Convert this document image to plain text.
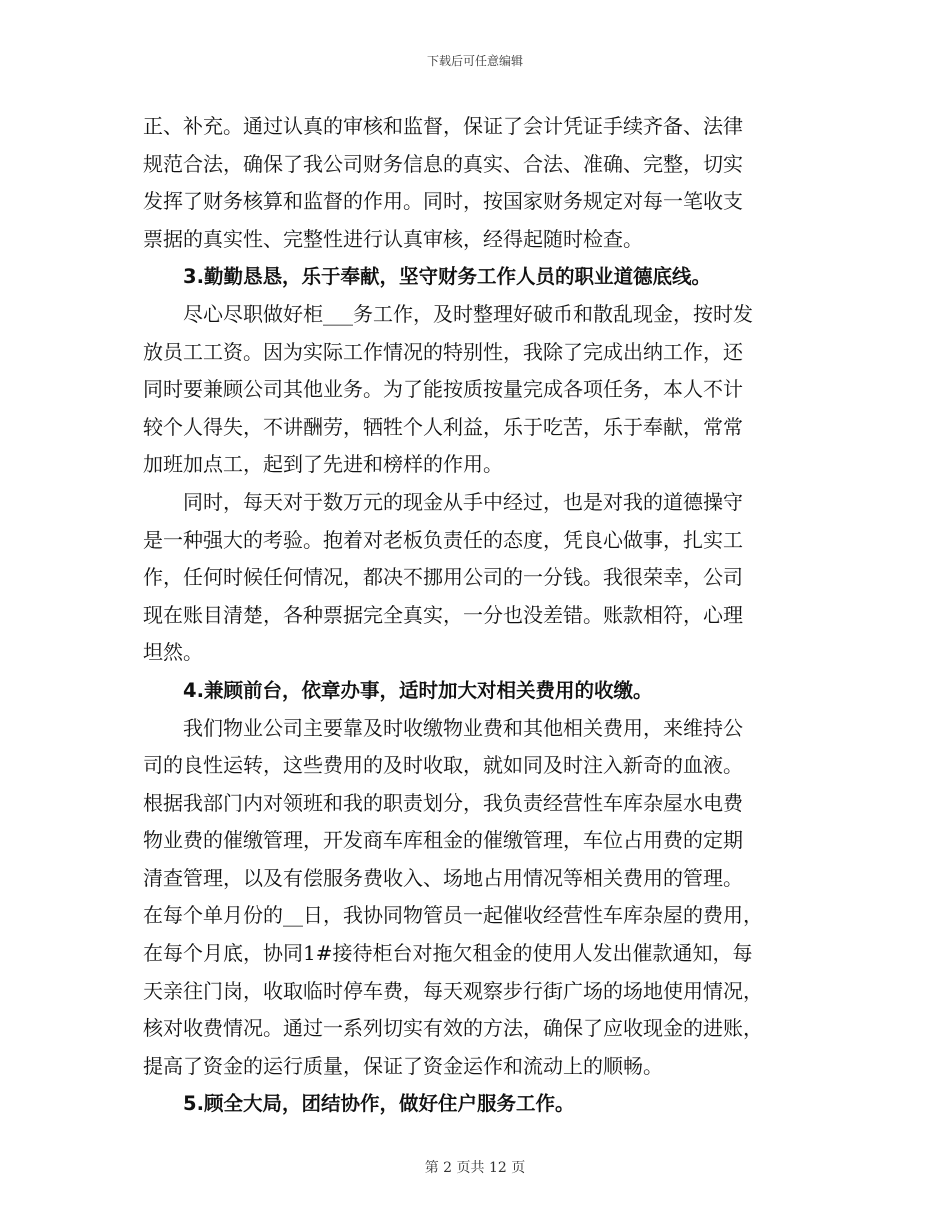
下载后可任意编辑
正、补充。通过认真的审核和监督，保证了会计凭证手续齐备、法律
规范合法，确保了我公司财务信息的真实、合法、准确、完整，切实
发挥了财务核算和监督的作用。同时，按国家财务规定对每一笔收支
票据的真实性、完整性进行认真审核，经得起随时检查。
3.勤勤恳恳，乐于奉献，坚守财务工作人员的职业道德底线。
尽心尽职做好柜___务工作，及时整理好破币和散乱现金，按时发
放员工工资。因为实际工作情况的特别性，我除了完成出纳工作，还
同时要兼顾公司其他业务。为了能按质按量完成各项任务，本人不计
较个人得失，不讲酬劳，牺牲个人利益，乐于吃苦，乐于奉献，常常
加班加点工，起到了先进和榜样的作用。
同时，每天对于数万元的现金从手中经过，也是对我的道德操守
是一种强大的考验。抱着对老板负责任的态度，凭良心做事，扎实工
作，任何时候任何情况，都决不挪用公司的一分钱。我很荣幸，公司
现在账目清楚，各种票据完全真实，一分也没差错。账款相符，心理
坦然。
4.兼顾前台，依章办事，适时加大对相关费用的收缴。
我们物业公司主要靠及时收缴物业费和其他相关费用，来维持公
司的良性运转，这些费用的及时收取，就如同及时注入新奇的血液。
根据我部门内对领班和我的职责划分，我负责经营性车库杂屋水电费
物业费的催缴管理，开发商车库租金的催缴管理，车位占用费的定期
清查管理，以及有偿服务费收入、场地占用情况等相关费用的管理。
在每个单月份的__日，我协同物管员一起催收经营性车库杂屋的费用，
在每个月底，协同1#接待柜台对拖欠租金的使用人发出催款通知，每
天亲往门岗，收取临时停车费，每天观察步行街广场的场地使用情况，
核对收费情况。通过一系列切实有效的方法，确保了应收现金的进账，
提高了资金的运行质量，保证了资金运作和流动上的顺畅。
5.顾全大局，团结协作，做好住户服务工作。
第 2 页共 12 页
